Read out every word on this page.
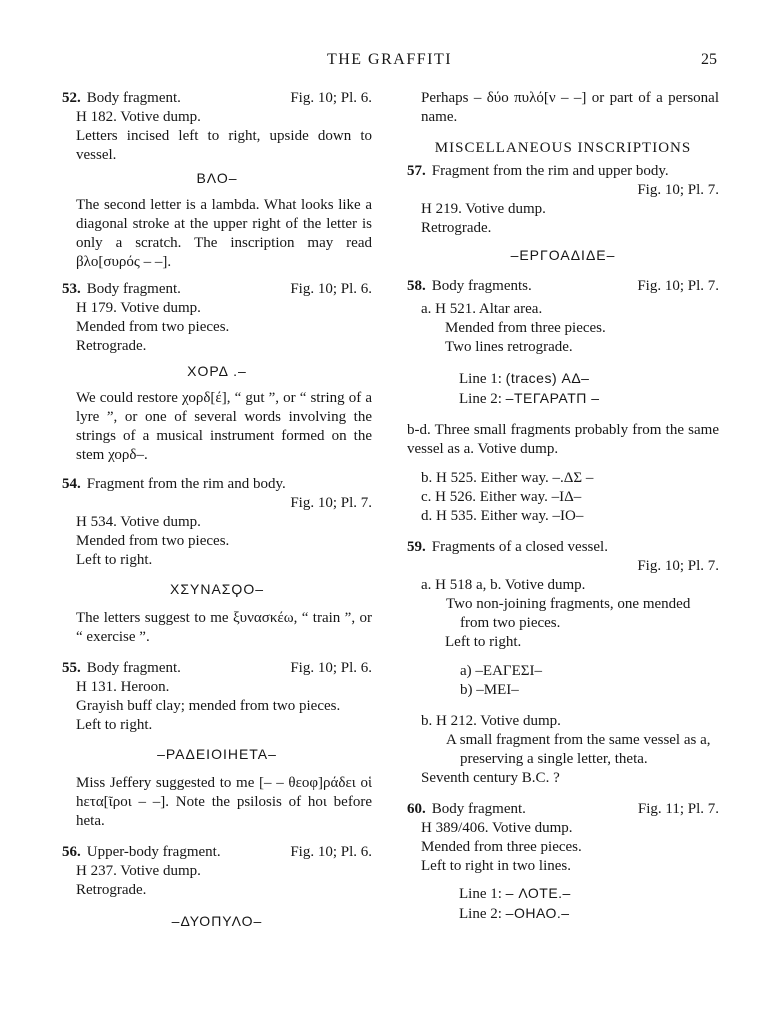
THE GRAFFITI	25
52. Body fragment.	Fig. 10; Pl. 6.

H 182. Votive dump.

Letters incised left to right, upside down to vessel.

ΒΛΟ–

The second letter is a lambda. What looks like a diagonal stroke at the upper right of the letter is only a scratch. The inscription may read βλο[συρός – –].

53. Body fragment.	Fig. 10; Pl. 6.

H 179. Votive dump.

Mended from two pieces.

Retrograde.

ΧΟΡΔ .–

We could restore χορδ[έ], “ gut ”, or “ string of a lyre ”, or one of several words involving the strings of a musical instrument formed on the stem χορδ–.

54. Fragment from the rim and body.

Fig. 10; Pl. 7.

H 534. Votive dump.

Mended from two pieces.

Left to right.

ΧΣΥΝΑΣϘΟ–

The letters suggest to me ξυνασκέω, “ train ”, or “ exercise ”.

55. Body fragment.	Fig. 10; Pl. 6.

H 131. Heroon.

Grayish buff clay; mended from two pieces.

Left to right.

–ΡΑΔΕΙΟΙΗΕΤΑ–

Miss Jeffery suggested to me [– – θεοφ]ράδει οἱ hετα[ῖροι – –]. Note the psilosis of hοι before heta.

56. Upper-body fragment.	Fig. 10; Pl. 6.

H 237. Votive dump.

Retrograde.

–ΔΥΟΠΥΛΟ–

Perhaps – δύο πυλό[ν – –] or part of a personal name.

MISCELLANEOUS INSCRIPTIONS

57. Fragment from the rim and upper body.

Fig. 10; Pl. 7.

H 219. Votive dump.

Retrograde.

–ΕΡΓΟΑΔΙΔΕ–

58. Body fragments.	Fig. 10; Pl. 7.

a. H 521. Altar area.

Mended from three pieces.

Two lines retrograde.

Line 1: (traces) ΑΔ–

Line 2: –ΤΕΓΑΡΑΤΠ –

b-d. Three small fragments probably from the same vessel as a. Votive dump.

b. H 525. Either way. –.ΔΣ –

c. H 526. Either way. –ΙΔ–

d. H 535. Either way. –ΙΟ–

59. Fragments of a closed vessel.

Fig. 10; Pl. 7.

a. H 518 a, b. Votive dump.

Two non-joining fragments, one mended from two pieces.

Left to right.

a) –ΕΑΓΕΣΙ–

b) –ΜΕΙ–

b. H 212. Votive dump.

A small fragment from the same vessel as a, preserving a single letter, theta.

Seventh century B.C. ?

60. Body fragment.	Fig. 11; Pl. 7.

H 389/406. Votive dump.

Mended from three pieces.

Left to right in two lines.

Line 1: – ΛΟΤΕ.–

Line 2: –ΟΗΑΟ.–
